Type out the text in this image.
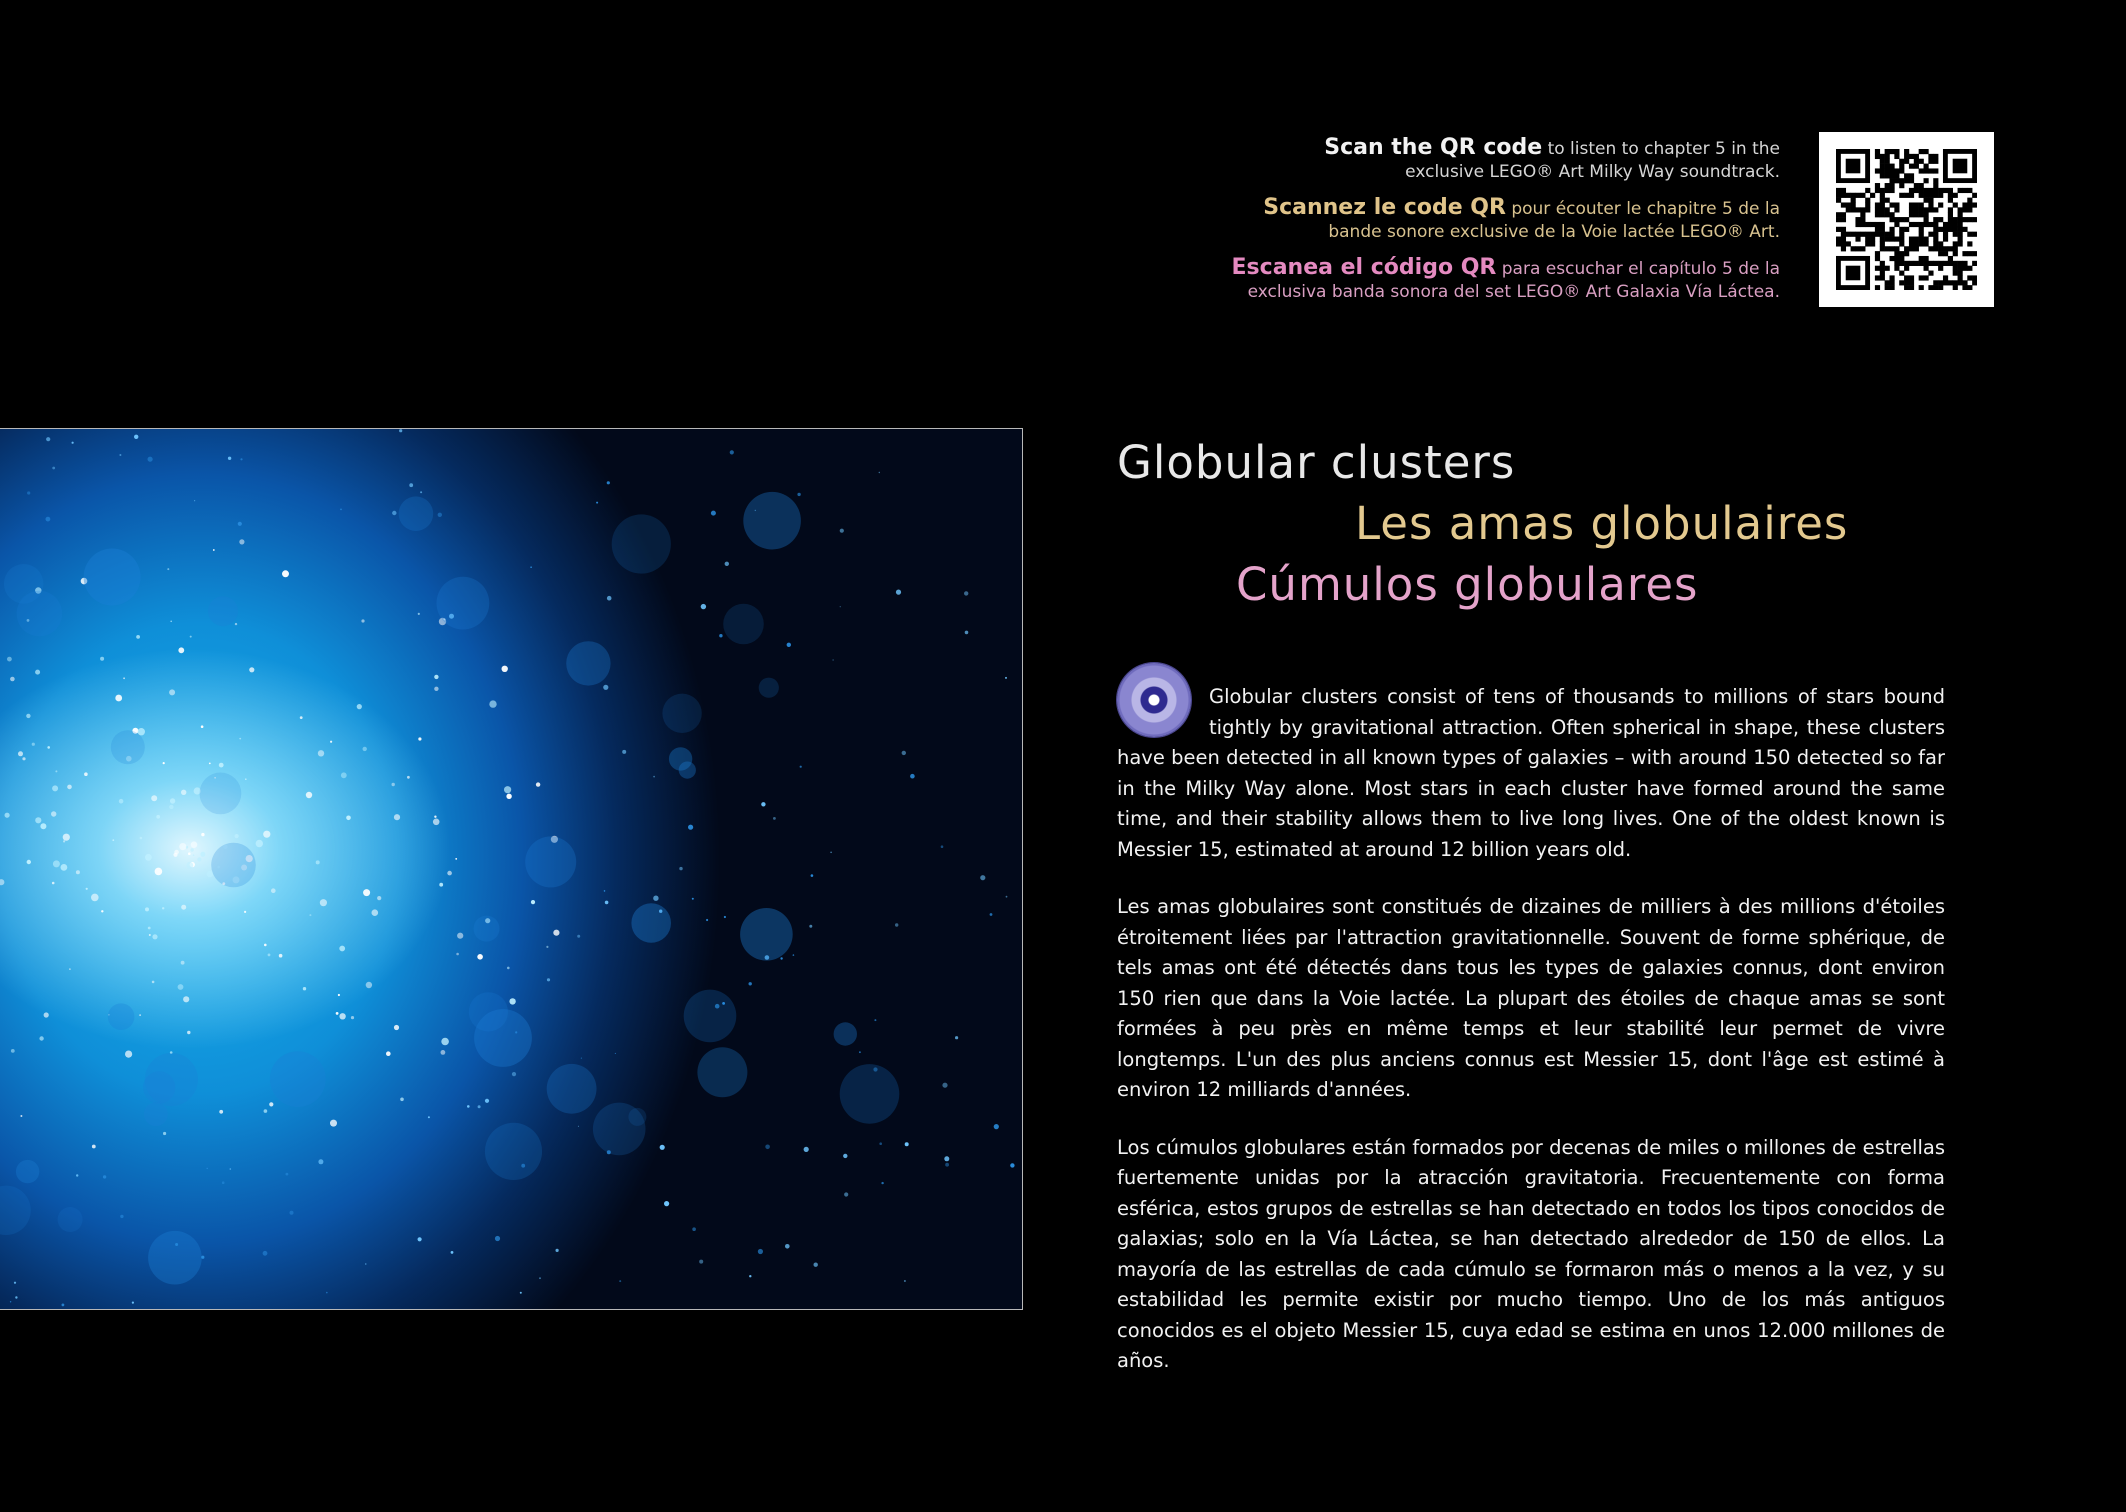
Scan the QR code to listen to chapter 5 in the
exclusive LEGO® Art Milky Way soundtrack.
Scannez le code QR pour écouter le chapitre 5 de la
bande sonore exclusive de la Voie lactée LEGO® Art.
Escanea el código QR para escuchar el capítulo 5 de la
exclusiva banda sonora del set LEGO® Art Galaxia Vía Láctea.
Globular clusters
Les amas globulaires
Cúmulos globulares

Globular clusters consist of tens of thousands to millions of stars bound tightly by gravitational attraction. Often spherical in shape, these clusters have been detected in all known types of galaxies – with around 150 detected so far in the Milky Way alone. Most stars in each cluster have formed around the same time, and their stability allows them to live long lives. One of the oldest known is Messier 15, estimated at around 12 billion years old.

Les amas globulaires sont constitués de dizaines de milliers à des millions d'étoiles étroitement liées par l'attraction gravitationnelle. Souvent de forme sphérique, de tels amas ont été détectés dans tous les types de galaxies connus, dont environ 150 rien que dans la Voie lactée. La plupart des étoiles de chaque amas se sont formées à peu près en même temps et leur stabilité leur permet de vivre longtemps. L'un des plus anciens connus est Messier 15, dont l'âge est estimé à environ 12 milliards d'années.

Los cúmulos globulares están formados por decenas de miles o millones de estrellas fuertemente unidas por la atracción gravitatoria. Frecuentemente con forma esférica, estos grupos de estrellas se han detectado en todos los tipos conocidos de galaxias; solo en la Vía Láctea, se han detectado alrededor de 150 de ellos. La mayoría de las estrellas de cada cúmulo se formaron más o menos a la vez, y su estabilidad les permite existir por mucho tiempo. Uno de los más antiguos conocidos es el objeto Messier 15, cuya edad se estima en unos 12.000 millones de años.
